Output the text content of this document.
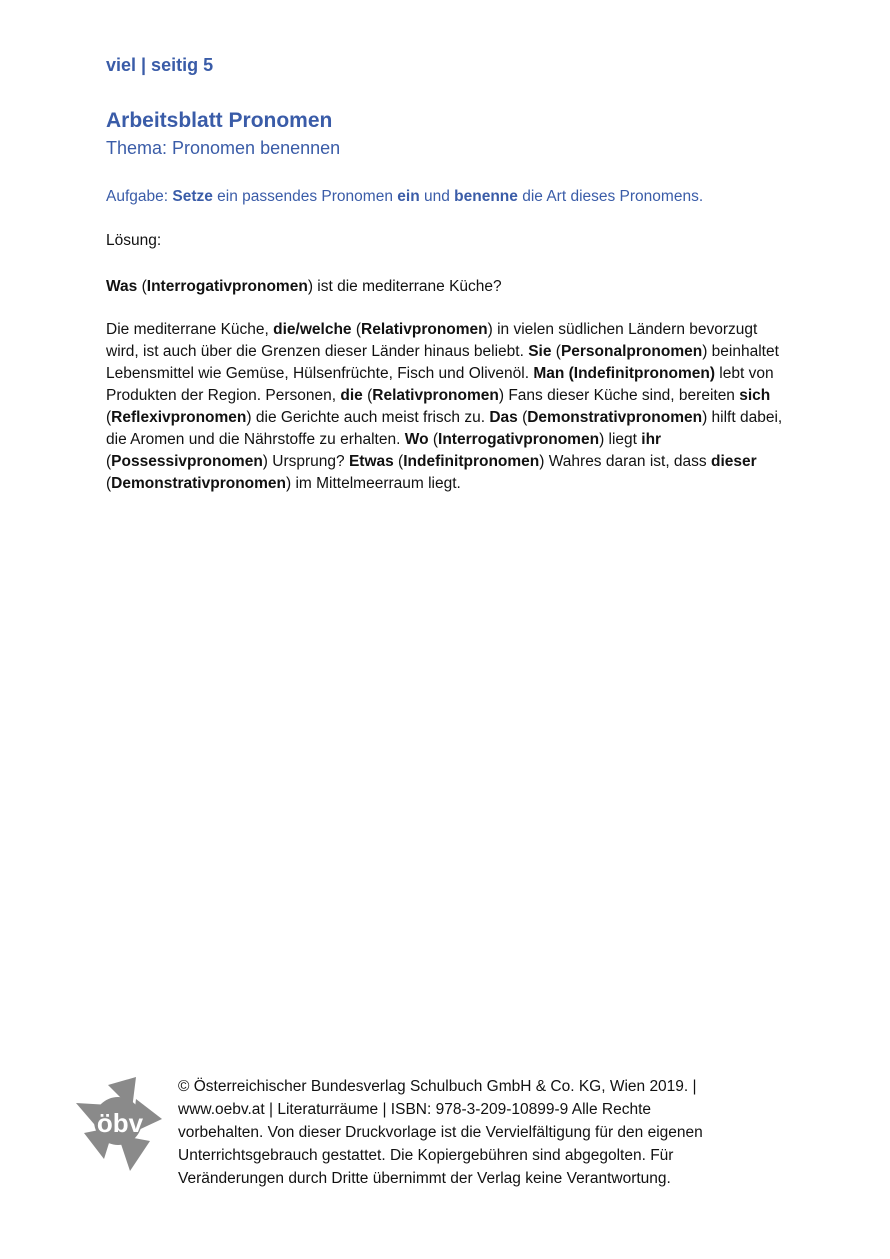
viel | seitig 5

Arbeitsblatt Pronomen

Thema: Pronomen benennen

Aufgabe: Setze ein passendes Pronomen ein und benenne die Art dieses Pronomens.

Lösung:

Was (Interrogativpronomen) ist die mediterrane Küche?

Die mediterrane Küche, die/welche (Relativpronomen) in vielen südlichen Ländern bevorzugt wird, ist auch über die Grenzen dieser Länder hinaus beliebt. Sie (Personalpronomen) beinhaltet Lebensmittel wie Gemüse, Hülsenfrüchte, Fisch und Olivenöl. Man (Indefinitpronomen) lebt von Produkten der Region. Personen, die (Relativpronomen) Fans dieser Küche sind, bereiten sich (Reflexivpronomen) die Gerichte auch meist frisch zu. Das (Demonstrativpronomen) hilft dabei, die Aromen und die Nährstoffe zu erhalten. Wo (Interrogativpronomen) liegt ihr (Possessivpronomen) Ursprung? Etwas (Indefinitpronomen) Wahres daran ist, dass dieser (Demonstrativpronomen) im Mittelmeerraum liegt.

öbv
© Österreichischer Bundesverlag Schulbuch GmbH & Co. KG, Wien 2019. |
www.oebv.at | Literaturräume | ISBN: 978-3-209-10899-9 Alle Rechte
vorbehalten. Von dieser Druckvorlage ist die Vervielfältigung für den eigenen
Unterrichtsgebrauch gestattet. Die Kopiergebühren sind abgegolten. Für
Veränderungen durch Dritte übernimmt der Verlag keine Verantwortung.
